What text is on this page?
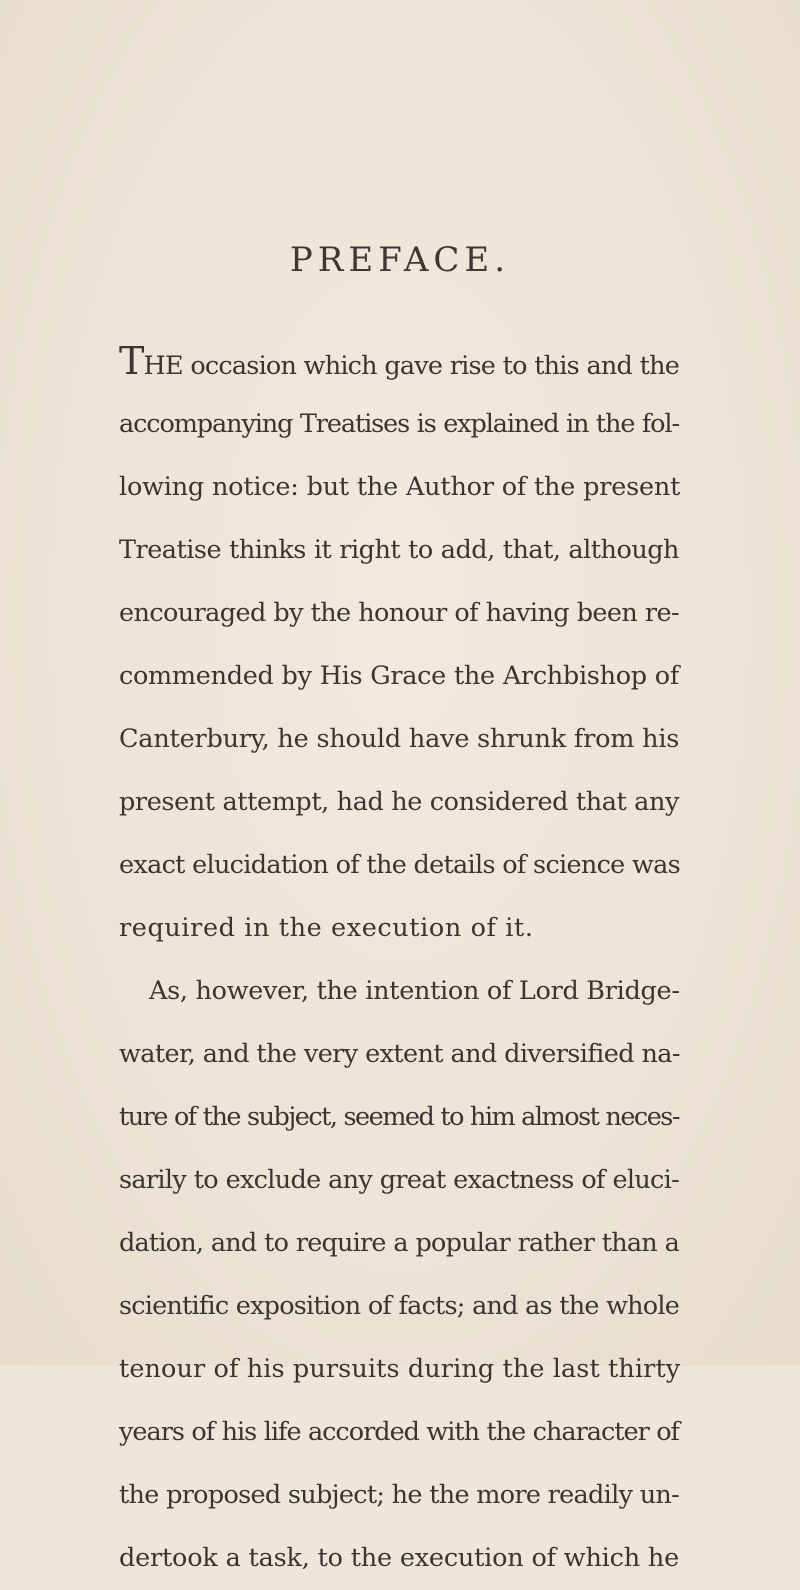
PREFACE.
THE occasion which gave rise to this and the
accompanying Treatises is explained in the fol-
lowing notice: but the Author of the present
Treatise thinks it right to add, that, although
encouraged by the honour of having been re-
commended by His Grace the Archbishop of
Canterbury, he should have shrunk from his
present attempt, had he considered that any
exact elucidation of the details of science was
required in the execution of it.
As, however, the intention of Lord Bridge-
water, and the very extent and diversified na-
ture of the subject, seemed to him almost neces-
sarily to exclude any great exactness of eluci-
dation, and to require a popular rather than a
scientific exposition of facts; and as the whole
tenour of his pursuits during the last thirty
years of his life accorded with the character of
the proposed subject; he the more readily un-
dertook a task, to the execution of which he
